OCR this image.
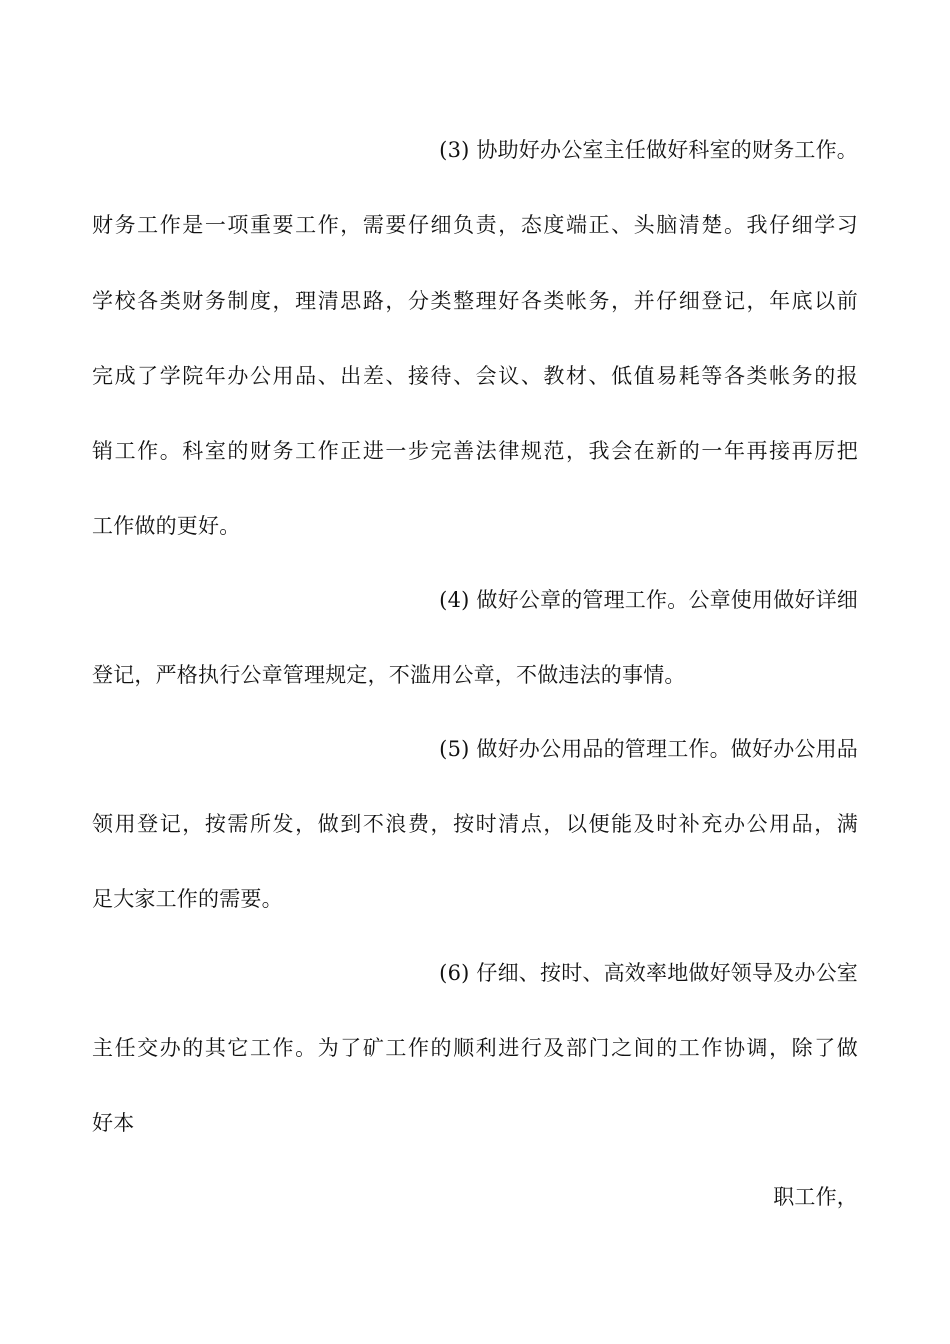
(3) 协助好办公室主任做好科室的财务工作。
财务工作是一项重要工作，需要仔细负责，态度端正、头脑清楚。我仔细学习
学校各类财务制度，理清思路，分类整理好各类帐务，并仔细登记，年底以前
完成了学院年办公用品、出差、接待、会议、教材、低值易耗等各类帐务的报
销工作。科室的财务工作正进一步完善法律规范，我会在新的一年再接再厉把
工作做的更好。
(4) 做好公章的管理工作。公章使用做好详细
登记，严格执行公章管理规定，不滥用公章，不做违法的事情。
(5) 做好办公用品的管理工作。做好办公用品
领用登记，按需所发，做到不浪费，按时清点，以便能及时补充办公用品，满
足大家工作的需要。
(6) 仔细、按时、高效率地做好领导及办公室
主任交办的其它工作。为了矿工作的顺利进行及部门之间的工作协调，除了做
好本
职工作，
